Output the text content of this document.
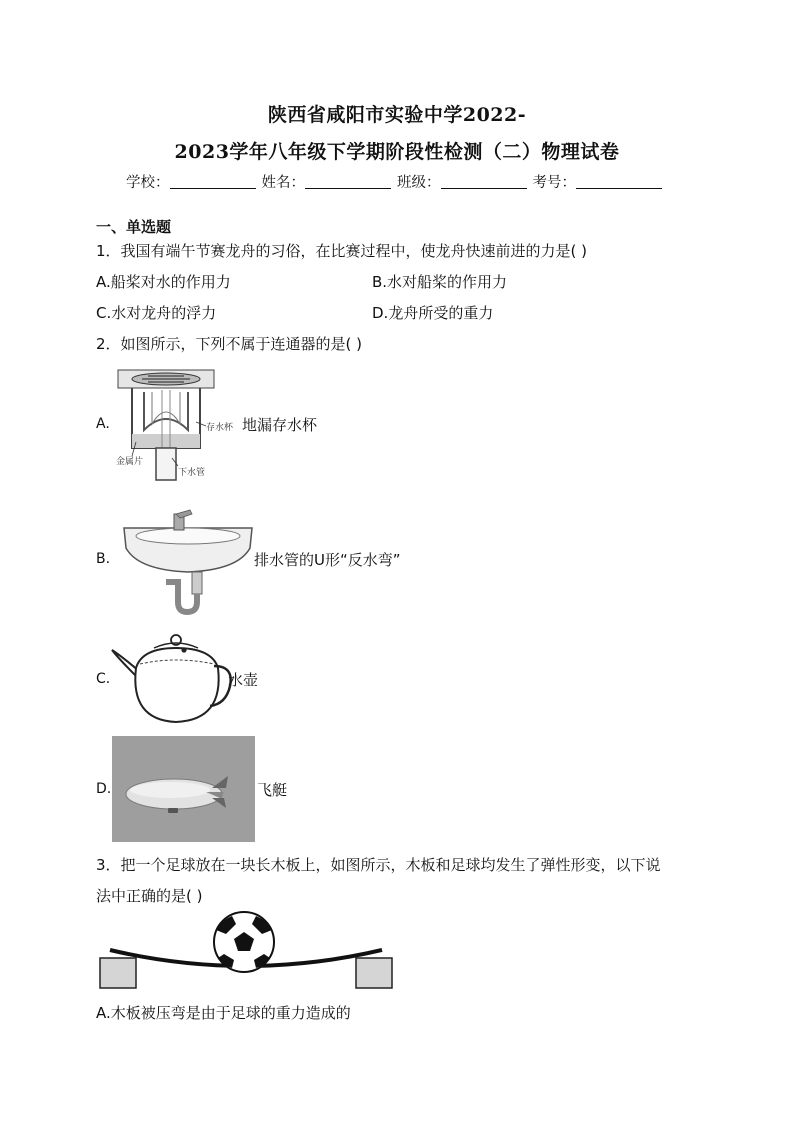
陕西省咸阳市实验中学2022-
2023学年八年级下学期阶段性检测（二）物理试卷
学校：	姓名：	班级：	考号：
一、单选题
1．我国有端午节赛龙舟的习俗，在比赛过程中，使龙舟快速前进的力是( )
A.船桨对水的作用力	B.水对船桨的作用力
C.水对龙舟的浮力	D.龙舟所受的重力
2．如图所示，下列不属于连通器的是( )
A.	存水杯
金属片
下水管
地漏存水杯
B.	排水管的U形“反水弯”
C.	水壶
D.	飞艇
3．把一个足球放在一块长木板上，如图所示，木板和足球均发生了弹性形变，以下说
法中正确的是( )
A.木板被压弯是由于足球的重力造成的
